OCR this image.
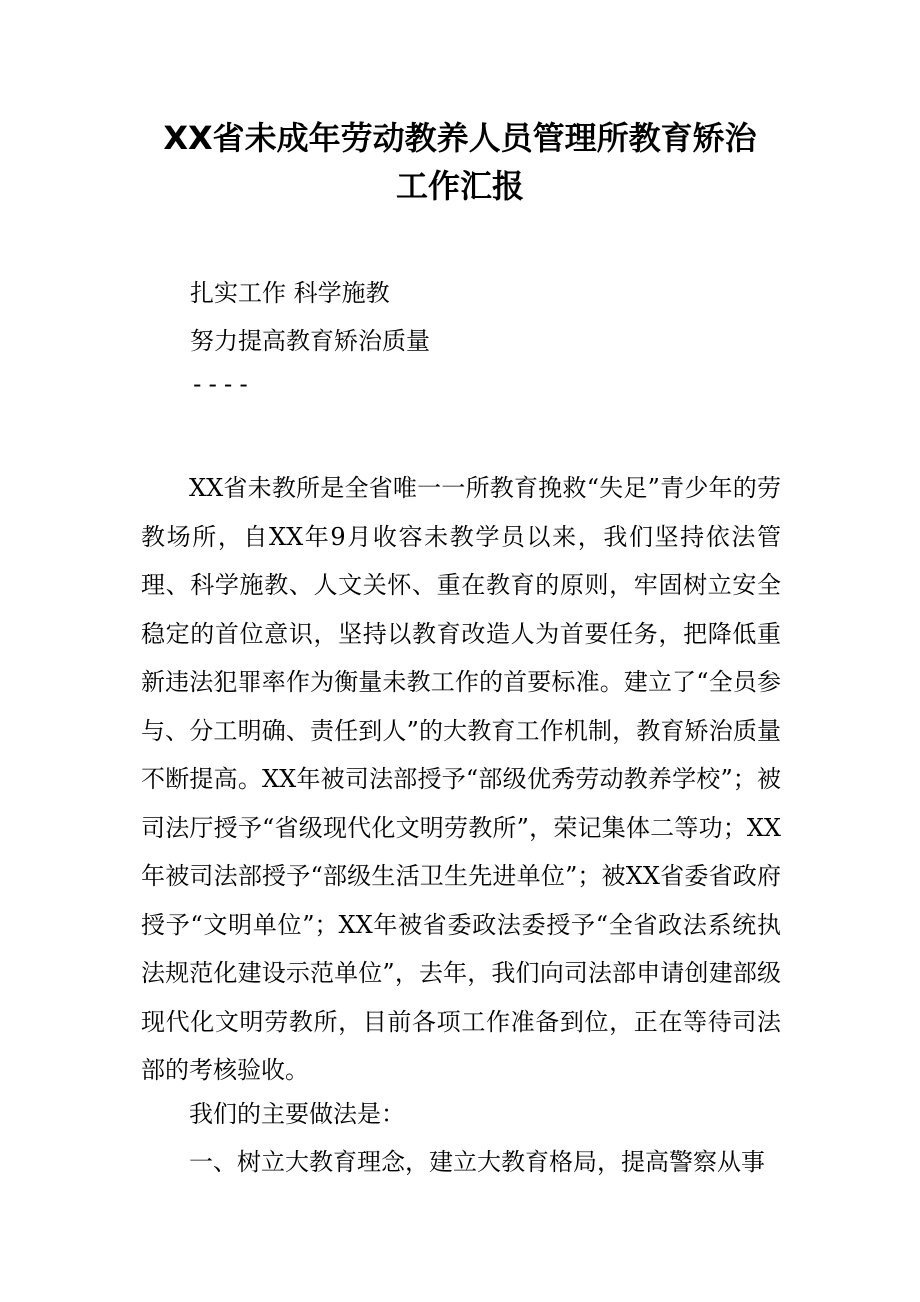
XX省未成年劳动教养人员管理所教育矫治
工作汇报
扎实工作 科学施教
努力提高教育矫治质量
----

XX省未教所是全省唯一一所教育挽救“失足”青少年的劳教场所，自XX年9月收容未教学员以来，我们坚持依法管理、科学施教、人文关怀、重在教育的原则，牢固树立安全稳定的首位意识，坚持以教育改造人为首要任务，把降低重新违法犯罪率作为衡量未教工作的首要标准。建立了“全员参与、分工明确、责任到人”的大教育工作机制，教育矫治质量不断提高。XX年被司法部授予“部级优秀劳动教养学校”；被司法厅授予“省级现代化文明劳教所”，荣记集体二等功；XX年被司法部授予“部级生活卫生先进单位”；被XX省委省政府授予“文明单位”；XX年被省委政法委授予“全省政法系统执法规范化建设示范单位”，去年，我们向司法部申请创建部级现代化文明劳教所，目前各项工作准备到位，正在等待司法部的考核验收。

我们的主要做法是：

一、树立大教育理念，建立大教育格局，提高警察从事
